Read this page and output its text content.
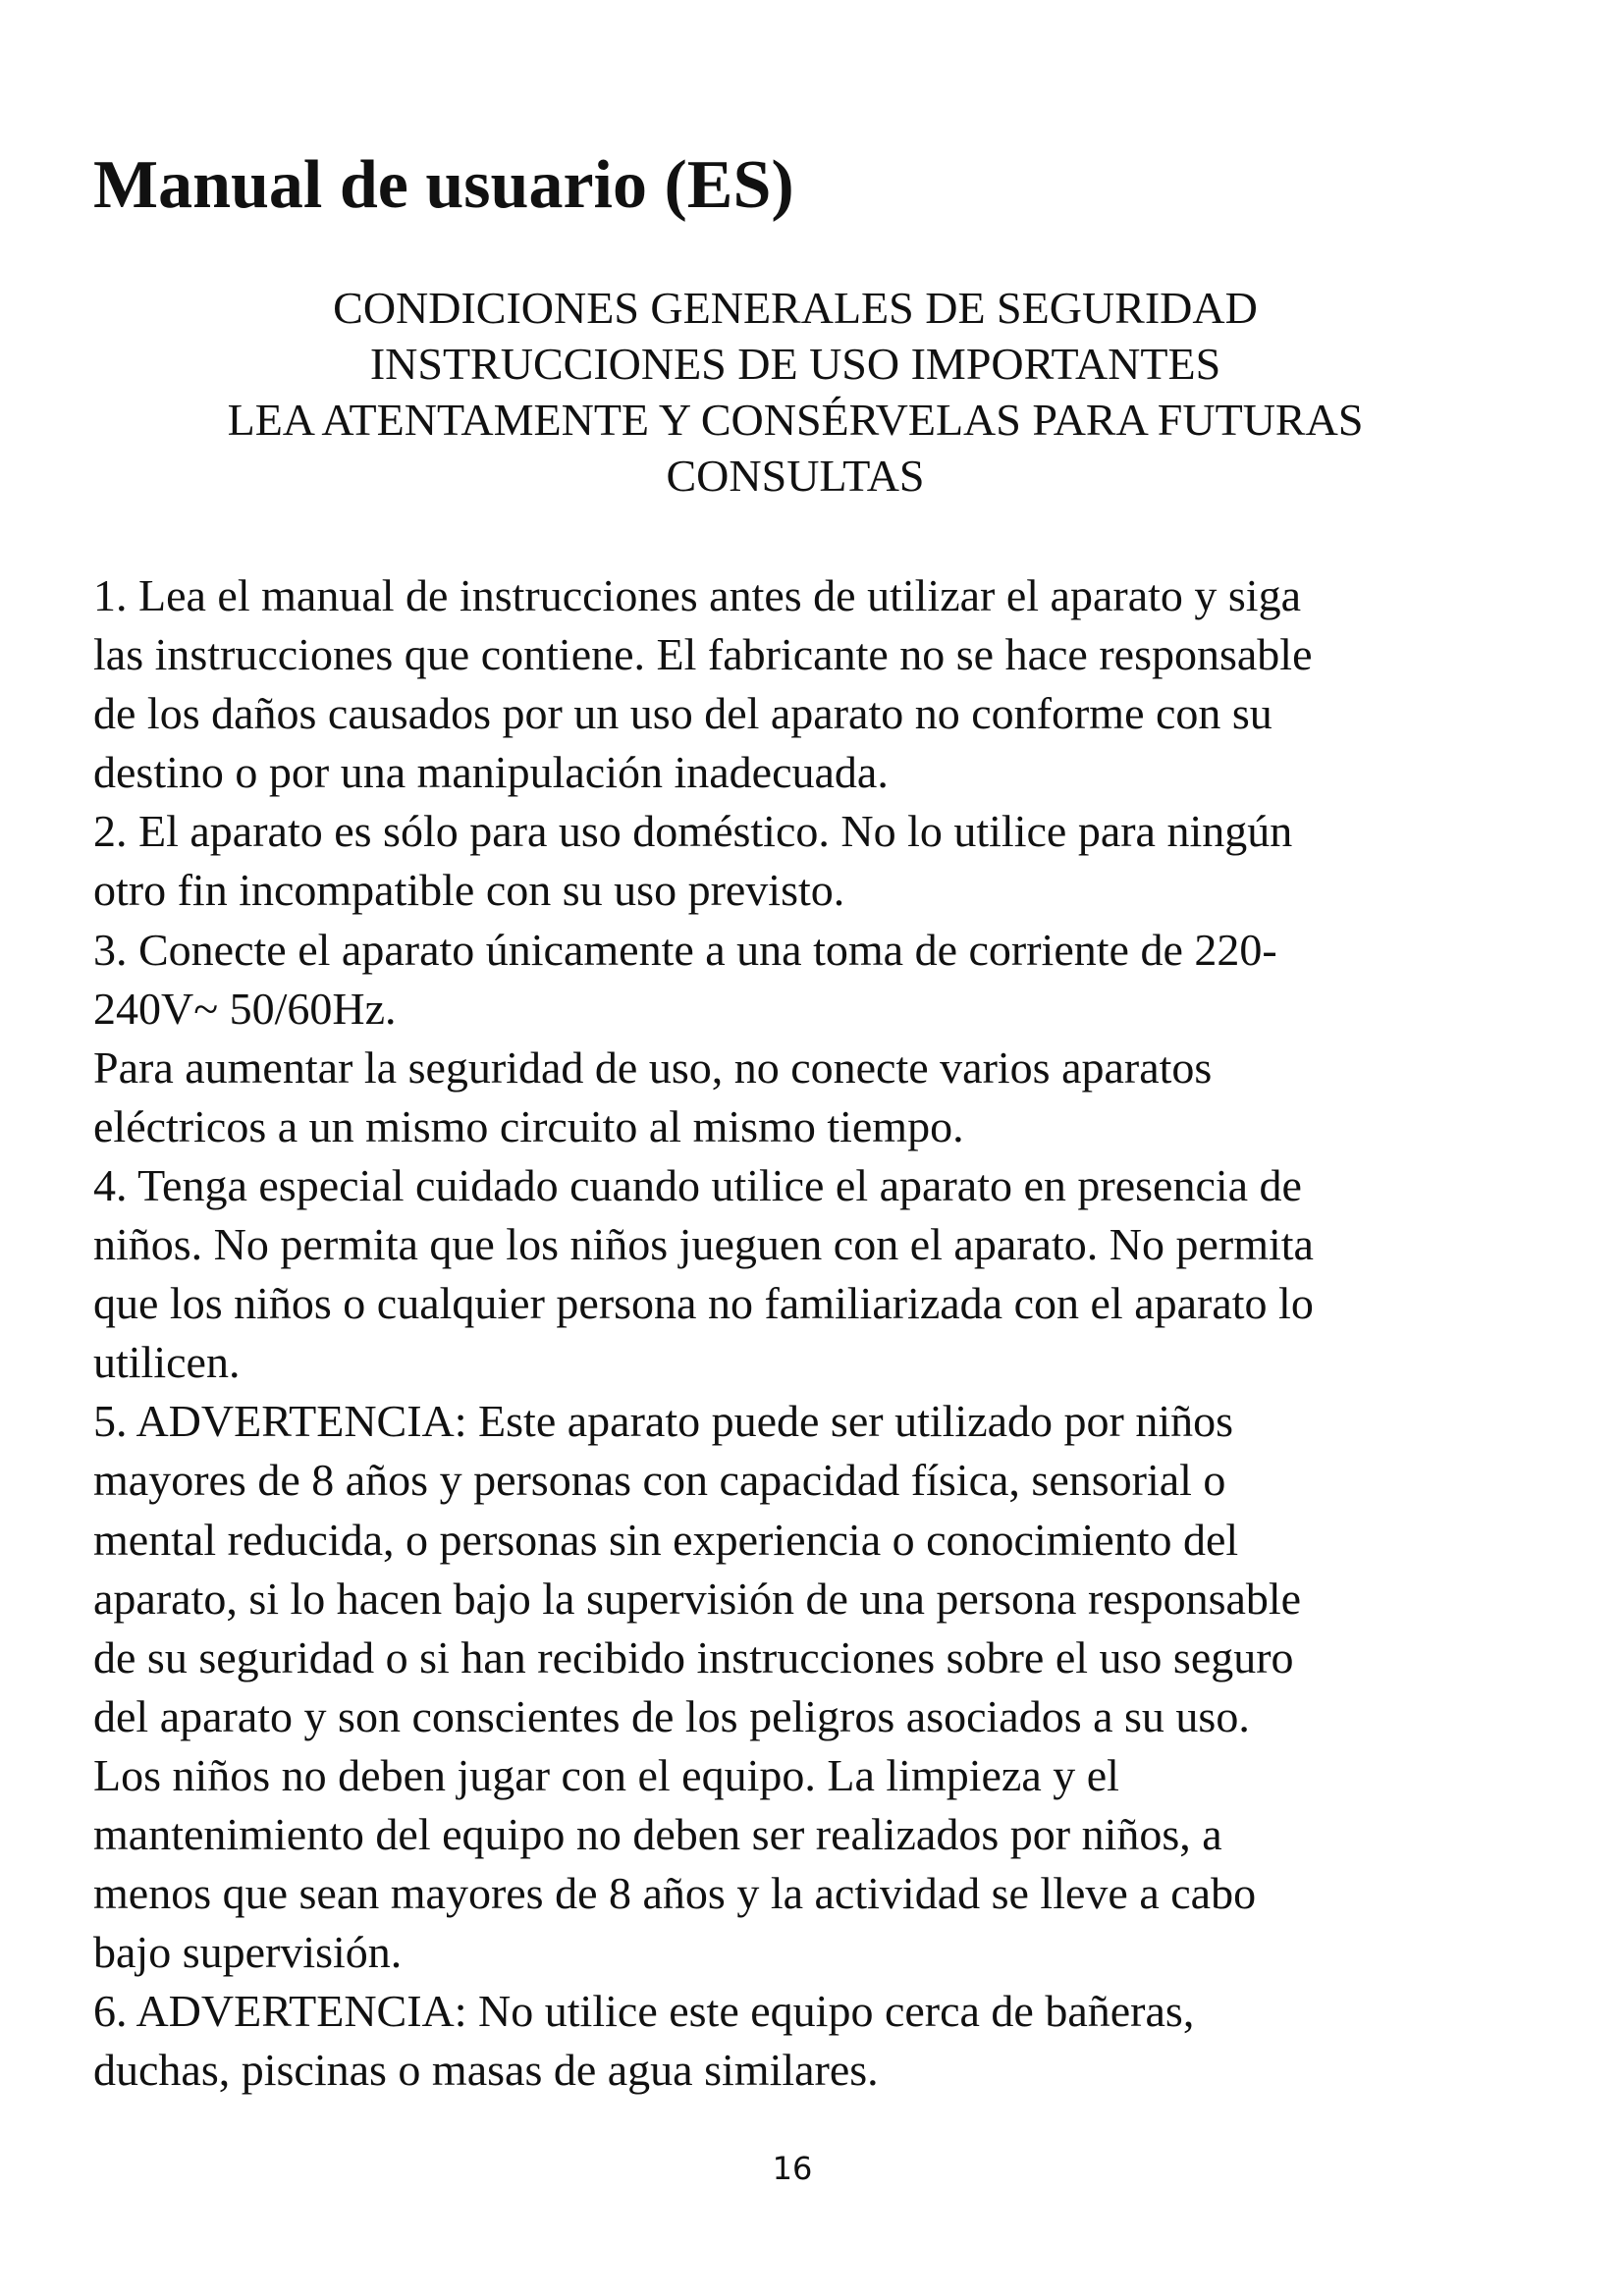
Manual de usuario (ES)
CONDICIONES GENERALES DE SEGURIDAD
INSTRUCCIONES DE USO IMPORTANTES
LEA ATENTAMENTE Y CONSÉRVELAS PARA FUTURAS
CONSULTAS

1. Lea el manual de instrucciones antes de utilizar el aparato y siga
las instrucciones que contiene. El fabricante no se hace responsable
de los daños causados por un uso del aparato no conforme con su
destino o por una manipulación inadecuada.

2. El aparato es sólo para uso doméstico. No lo utilice para ningún
otro fin incompatible con su uso previsto.

3. Conecte el aparato únicamente a una toma de corriente de 220-
240V~ 50/60Hz.

Para aumentar la seguridad de uso, no conecte varios aparatos
eléctricos a un mismo circuito al mismo tiempo.

4. Tenga especial cuidado cuando utilice el aparato en presencia de
niños. No permita que los niños jueguen con el aparato. No permita
que los niños o cualquier persona no familiarizada con el aparato lo
utilicen.

5. ADVERTENCIA: Este aparato puede ser utilizado por niños
mayores de 8 años y personas con capacidad física, sensorial o
mental reducida, o personas sin experiencia o conocimiento del
aparato, si lo hacen bajo la supervisión de una persona responsable
de su seguridad o si han recibido instrucciones sobre el uso seguro
del aparato y son conscientes de los peligros asociados a su uso.

Los niños no deben jugar con el equipo. La limpieza y el
mantenimiento del equipo no deben ser realizados por niños, a
menos que sean mayores de 8 años y la actividad se lleve a cabo
bajo supervisión.

6. ADVERTENCIA: No utilice este equipo cerca de bañeras,
duchas, piscinas o masas de agua similares.

16
